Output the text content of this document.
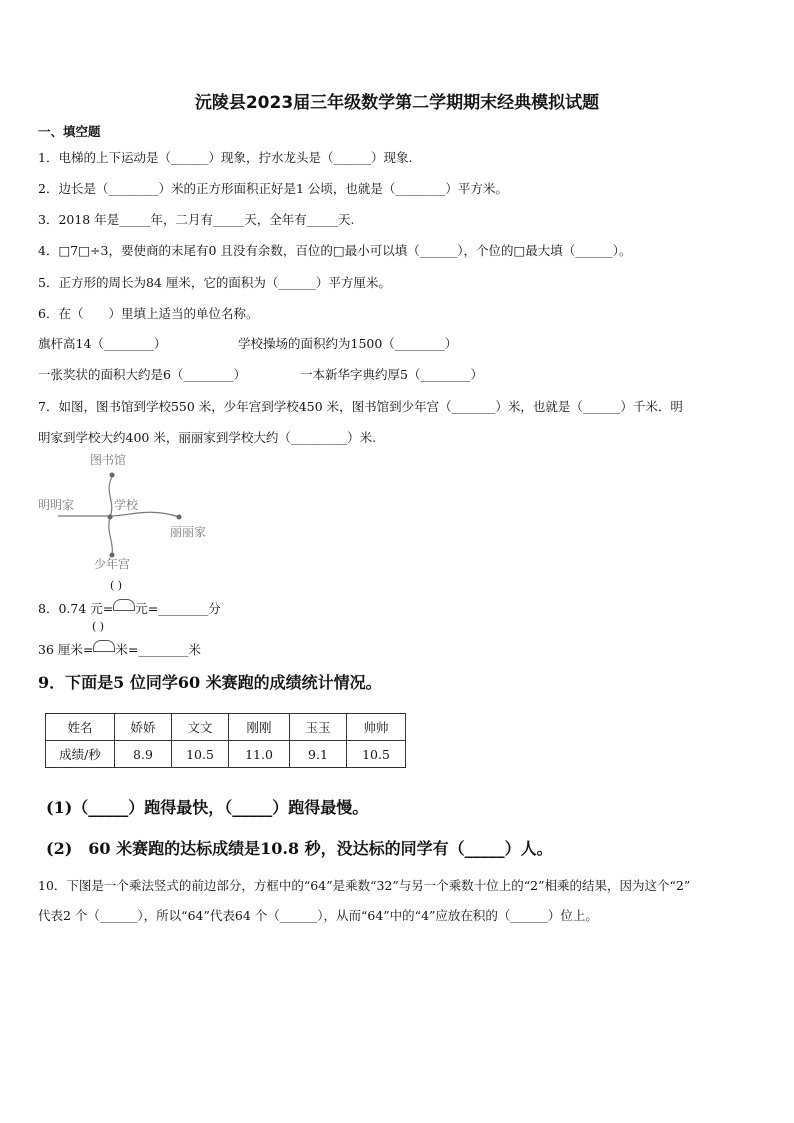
沅陵县2023届三年级数学第二学期期末经典模拟试题
一、填空题
1．电梯的上下运动是（______）现象，拧水龙头是（______）现象.
2．边长是（________）米的正方形面积正好是1 公顷，也就是（________）平方米。
3．2018 年是_____年，二月有_____天，全年有_____天.
4．□7□÷3，要使商的末尾有0 且没有余数，百位的□最小可以填（______），个位的□最大填（______）。
5．正方形的周长为84 厘米，它的面积为（______）平方厘米。
6．在（　　）里填上适当的单位名称。
旗杆高14（________）	学校操场的面积约为1500（________）
一张奖状的面积大约是6（________）	一本新华字典约厚5（________）
7．如图，图书馆到学校550 米，少年宫到学校450 米，图书馆到少年宫（_______）米，也就是（______）千米．明
明家到学校大约400 米，丽丽家到学校大约（_________）米.
图书馆
明明家	学校
丽丽家
少年宫
( )
8．0.74 元= 元=________分
( )
36 厘米= 米=________米
9．下面是5 位同学60 米赛跑的成绩统计情况。
姓名	娇娇	文文	刚刚	玉玉	帅帅
成绩/秒	8.9	10.5	11.0	9.1	10.5
(1)（_____）跑得最快，（_____）跑得最慢。
(2)　60 米赛跑的达标成绩是10.8 秒，没达标的同学有（_____）人。
10．下图是一个乘法竖式的前边部分，方框中的“64”是乘数“32”与另一个乘数十位上的“2”相乘的结果，因为这个“2”
代表2 个（______），所以“64”代表64 个（______），从而“64”中的“4”应放在积的（______）位上。
